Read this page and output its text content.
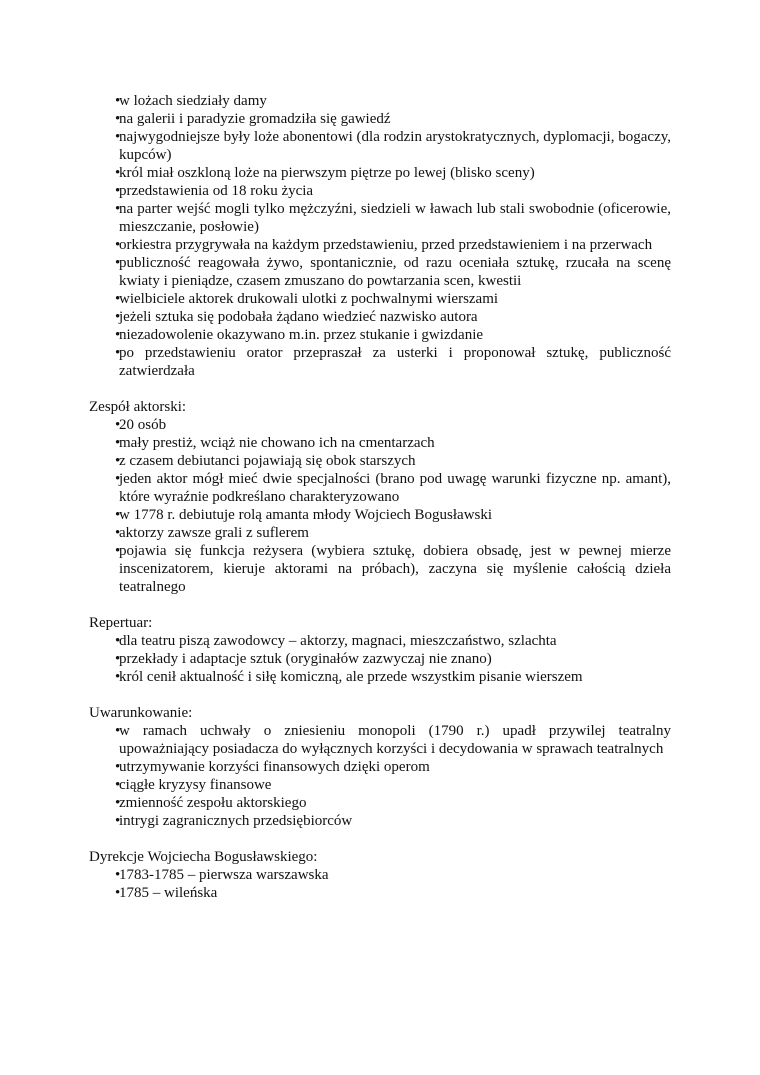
•
w lożach siedziały damy
•
na galerii i paradyzie gromadziła się gawiedź
•
najwygodniejsze były loże abonentowi (dla rodzin arystokratycznych, dyplomacji, bogaczy, kupców)
•
król miał oszkloną loże na pierwszym piętrze po lewej (blisko sceny)
•
przedstawienia od 18 roku życia
•
na parter wejść mogli tylko mężczyźni, siedzieli w ławach lub stali swobodnie (oficerowie, mieszczanie, posłowie)
•
orkiestra przygrywała na każdym przedstawieniu, przed przedstawieniem i na przerwach
•
publiczność reagowała żywo, spontanicznie, od razu oceniała sztukę, rzucała na scenę kwiaty i pieniądze, czasem zmuszano do powtarzania scen, kwestii
•
wielbiciele aktorek drukowali ulotki z pochwalnymi wierszami
•
jeżeli sztuka się podobała żądano wiedzieć nazwisko autora
•
niezadowolenie okazywano m.in. przez stukanie i gwizdanie
•
po przedstawieniu orator przepraszał za usterki i proponował sztukę, publiczność zatwierdzała

Zespół aktorski:

•
20 osób
•
mały prestiż, wciąż nie chowano ich na cmentarzach
•
z czasem debiutanci pojawiają się obok starszych
•
jeden aktor mógł mieć dwie specjalności (brano pod uwagę warunki fizyczne np. amant), które wyraźnie podkreślano charakteryzowano
•
w 1778 r. debiutuje rolą amanta młody Wojciech Bogusławski
•
aktorzy zawsze grali z suflerem
•
pojawia się funkcja reżysera (wybiera sztukę, dobiera obsadę, jest w pewnej mierze inscenizatorem, kieruje aktorami na próbach), zaczyna się myślenie całością dzieła teatralnego

Repertuar:

•
dla teatru piszą zawodowcy – aktorzy, magnaci, mieszczaństwo, szlachta
•
przekłady i adaptacje sztuk (oryginałów zazwyczaj nie znano)
•
król cenił aktualność i siłę komiczną, ale przede wszystkim pisanie wierszem

Uwarunkowanie:

•
w ramach uchwały o zniesieniu monopoli (1790 r.) upadł przywilej teatralny upoważniający posiadacza do wyłącznych korzyści i decydowania w sprawach teatralnych
•
utrzymywanie korzyści finansowych dzięki operom
•
ciągłe kryzysy finansowe
•
zmienność zespołu aktorskiego
•
intrygi zagranicznych przedsiębiorców

Dyrekcje Wojciecha Bogusławskiego:

•
1783-1785 – pierwsza warszawska
•
1785 – wileńska
